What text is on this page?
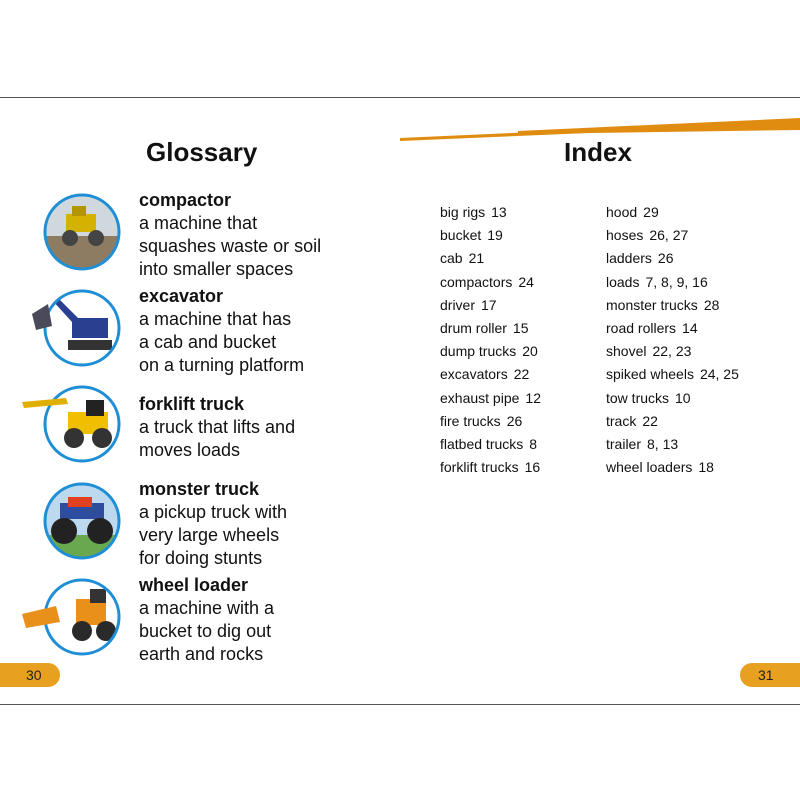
Glossary	Index
compactor
a machine that
squashes waste or soil
into smaller spaces
excavator
a machine that has
a cab and bucket
on a turning platform
forklift truck
a truck that lifts and
moves loads
monster truck
a pickup truck with
very large wheels
for doing stunts
wheel loader
a machine with a
bucket to dig out
earth and rocks
big rigs 13
bucket 19
cab 21
compactors 24
driver 17
drum roller 15
dump trucks 20
excavators 22
exhaust pipe 12
fire trucks 26
flatbed trucks 8
forklift trucks 16
hood 29
hoses 26, 27
ladders 26
loads 7, 8, 9, 16
monster trucks 28
road rollers 14
shovel 22, 23
spiked wheels 24, 25
tow trucks 10
track 22
trailer 8, 13
wheel loaders 18
30	31
